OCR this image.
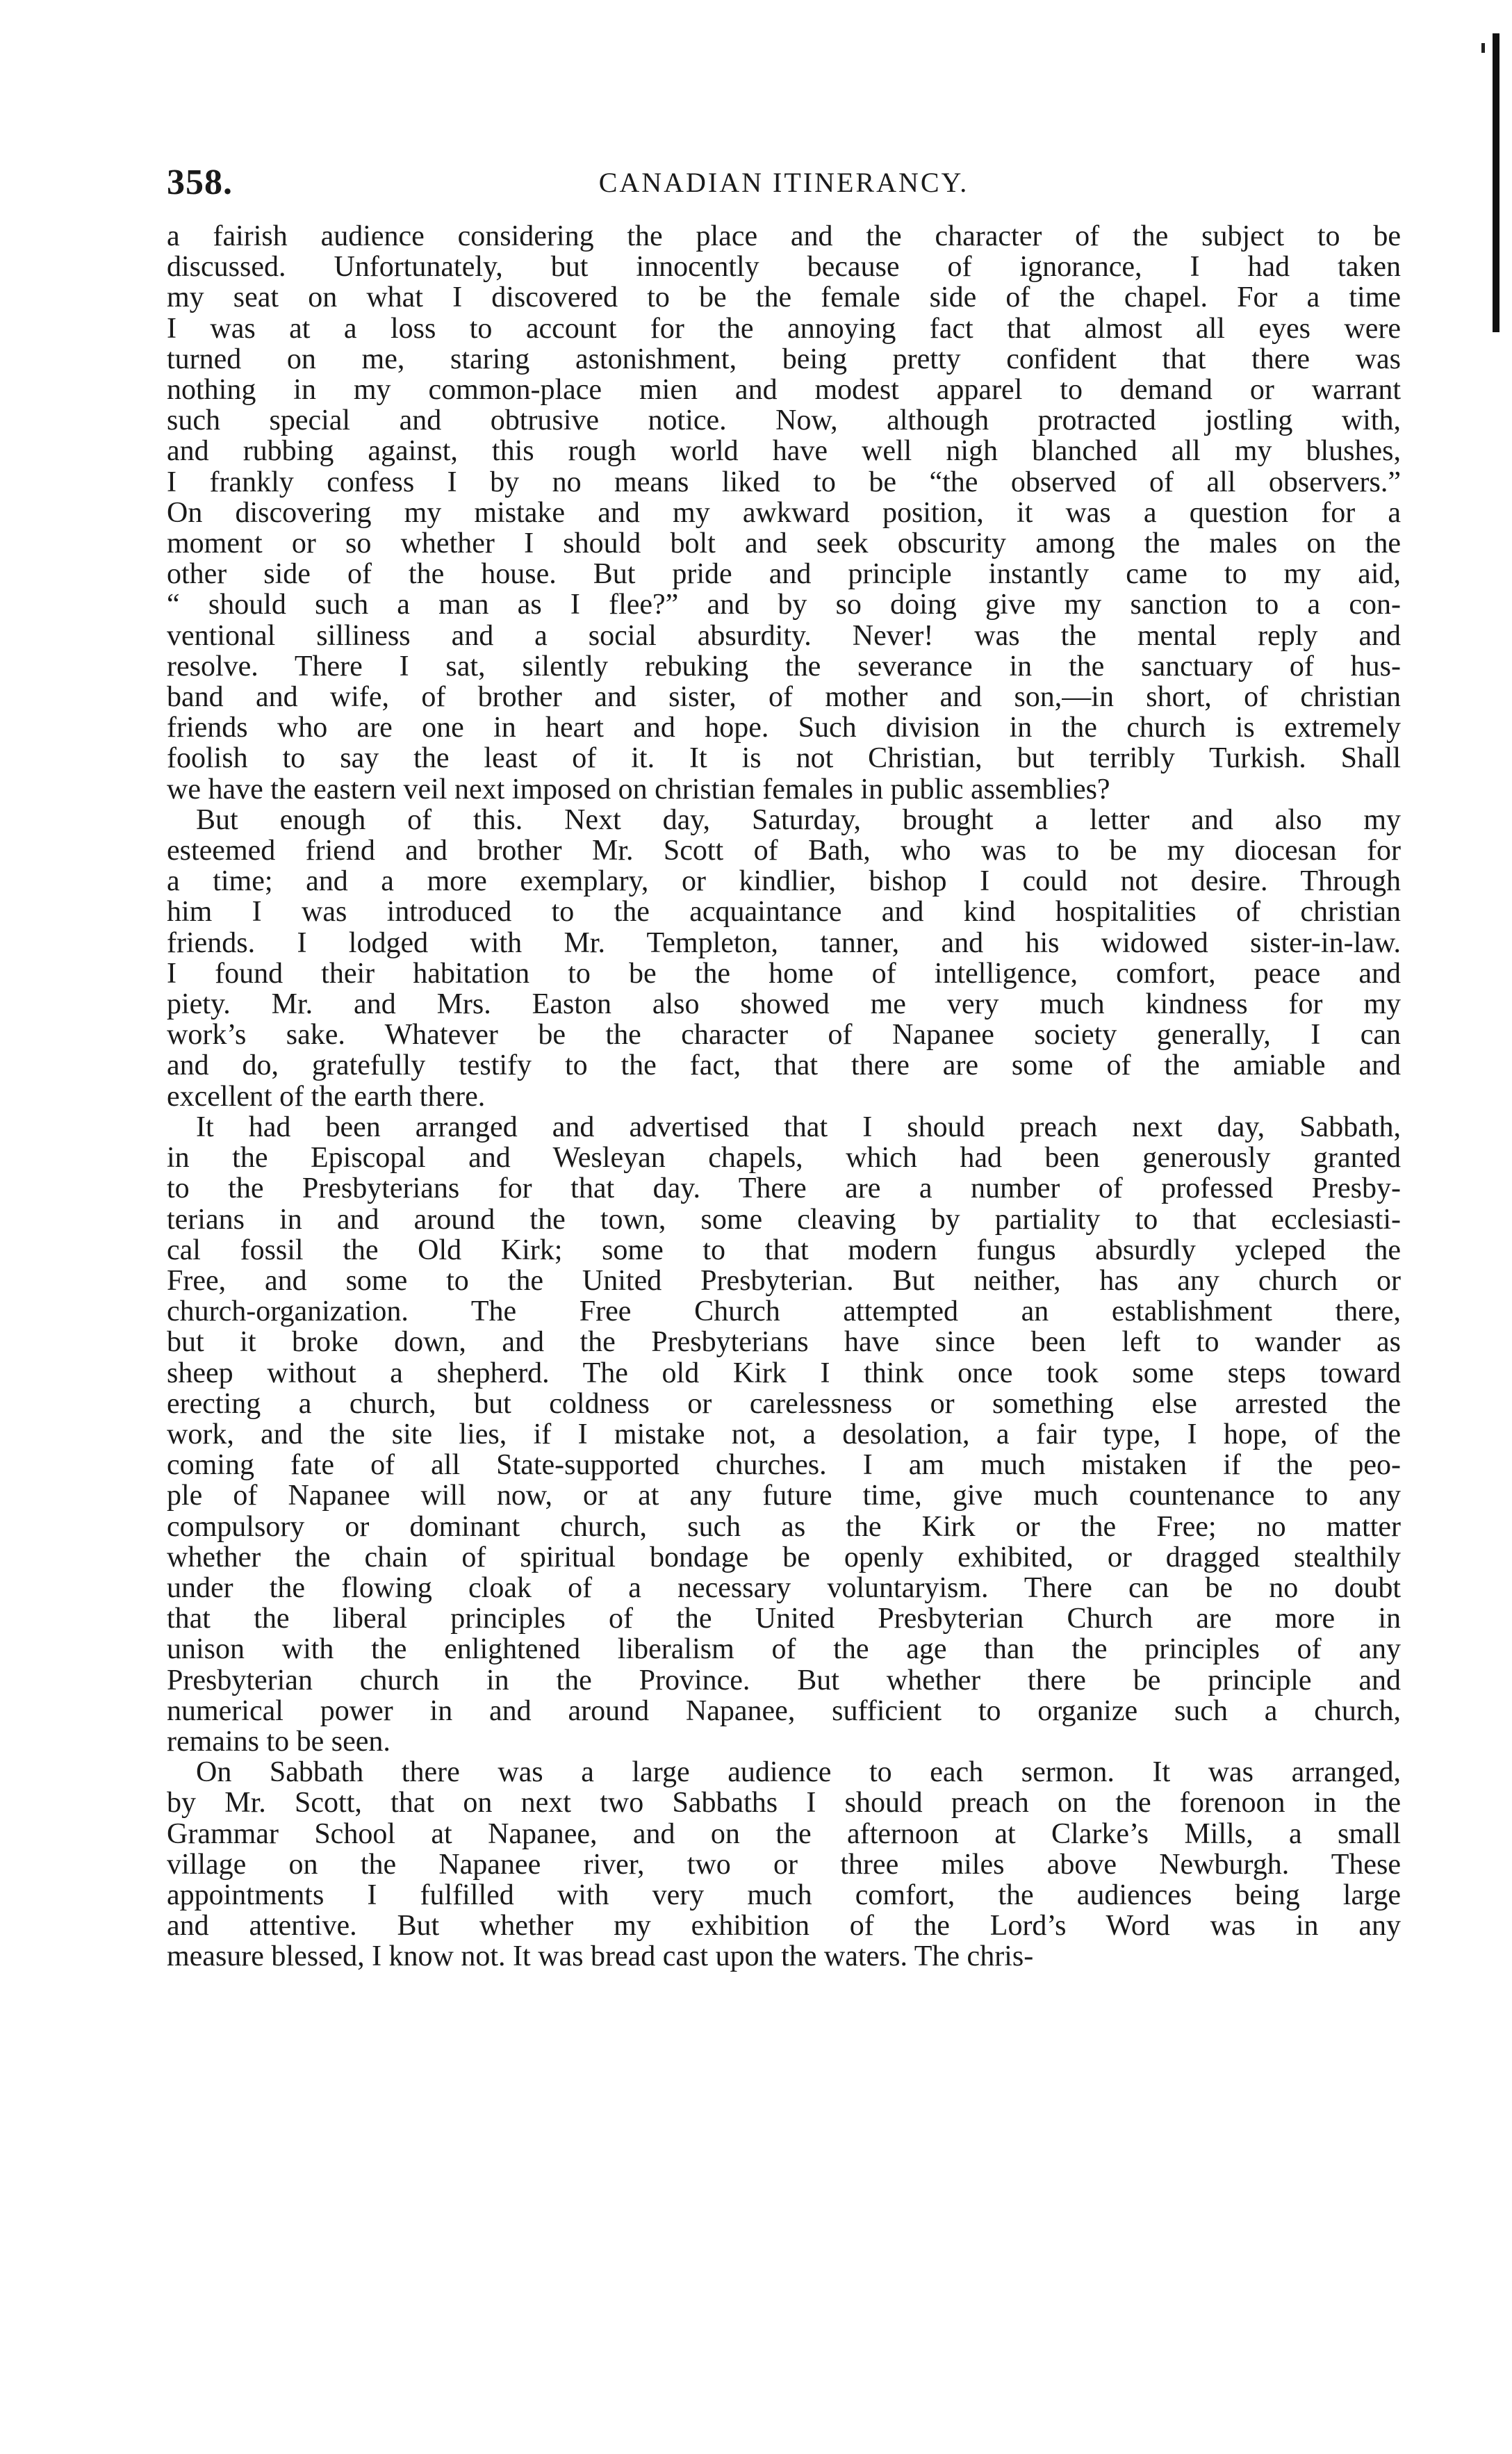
358.	CANADIAN ITINERANCY.
a fairish audience considering the place and the character of the subject to be
discussed. Unfortunately, but innocently because of ignorance, I had taken
my seat on what I discovered to be the female side of the chapel. For a time
I was at a loss to account for the annoying fact that almost all eyes were
turned on me, staring astonishment, being pretty confident that there was
nothing in my common-place mien and modest apparel to demand or warrant
such special and obtrusive notice. Now, although protracted jostling with,
and rubbing against, this rough world have well nigh blanched all my blushes,
I frankly confess I by no means liked to be “the observed of all observers.”
On discovering my mistake and my awkward position, it was a question for a
moment or so whether I should bolt and seek obscurity among the males on the
other side of the house. But pride and principle instantly came to my aid,
“ should such a man as I flee?” and by so doing give my sanction to a con-
ventional silliness and a social absurdity. Never! was the mental reply and
resolve. There I sat, silently rebuking the severance in the sanctuary of hus-
band and wife, of brother and sister, of mother and son,—in short, of christian
friends who are one in heart and hope. Such division in the church is extremely
foolish to say the least of it. It is not Christian, but terribly Turkish. Shall
we have the eastern veil next imposed on christian females in public assemblies?
But enough of this. Next day, Saturday, brought a letter and also my
esteemed friend and brother Mr. Scott of Bath, who was to be my diocesan for
a time; and a more exemplary, or kindlier, bishop I could not desire. Through
him I was introduced to the acquaintance and kind hospitalities of christian
friends. I lodged with Mr. Templeton, tanner, and his widowed sister-in-law.
I found their habitation to be the home of intelligence, comfort, peace and
piety. Mr. and Mrs. Easton also showed me very much kindness for my
work’s sake. Whatever be the character of Napanee society generally, I can
and do, gratefully testify to the fact, that there are some of the amiable and
excellent of the earth there.
It had been arranged and advertised that I should preach next day, Sabbath,
in the Episcopal and Wesleyan chapels, which had been generously granted
to the Presbyterians for that day. There are a number of professed Presby-
terians in and around the town, some cleaving by partiality to that ecclesiasti-
cal fossil the Old Kirk; some to that modern fungus absurdly ycleped the
Free, and some to the United Presbyterian. But neither, has any church or
church-organization. The Free Church attempted an establishment there,
but it broke down, and the Presbyterians have since been left to wander as
sheep without a shepherd. The old Kirk I think once took some steps toward
erecting a church, but coldness or carelessness or something else arrested the
work, and the site lies, if I mistake not, a desolation, a fair type, I hope, of the
coming fate of all State-supported churches. I am much mistaken if the peo-
ple of Napanee will now, or at any future time, give much countenance to any
compulsory or dominant church, such as the Kirk or the Free; no matter
whether the chain of spiritual bondage be openly exhibited, or dragged stealthily
under the flowing cloak of a necessary voluntaryism. There can be no doubt
that the liberal principles of the United Presbyterian Church are more in
unison with the enlightened liberalism of the age than the principles of any
Presbyterian church in the Province. But whether there be principle and
numerical power in and around Napanee, sufficient to organize such a church,
remains to be seen.
On Sabbath there was a large audience to each sermon. It was arranged,
by Mr. Scott, that on next two Sabbaths I should preach on the forenoon in the
Grammar School at Napanee, and on the afternoon at Clarke’s Mills, a small
village on the Napanee river, two or three miles above Newburgh. These
appointments I fulfilled with very much comfort, the audiences being large
and attentive. But whether my exhibition of the Lord’s Word was in any
measure blessed, I know not. It was bread cast upon the waters. The chris-
